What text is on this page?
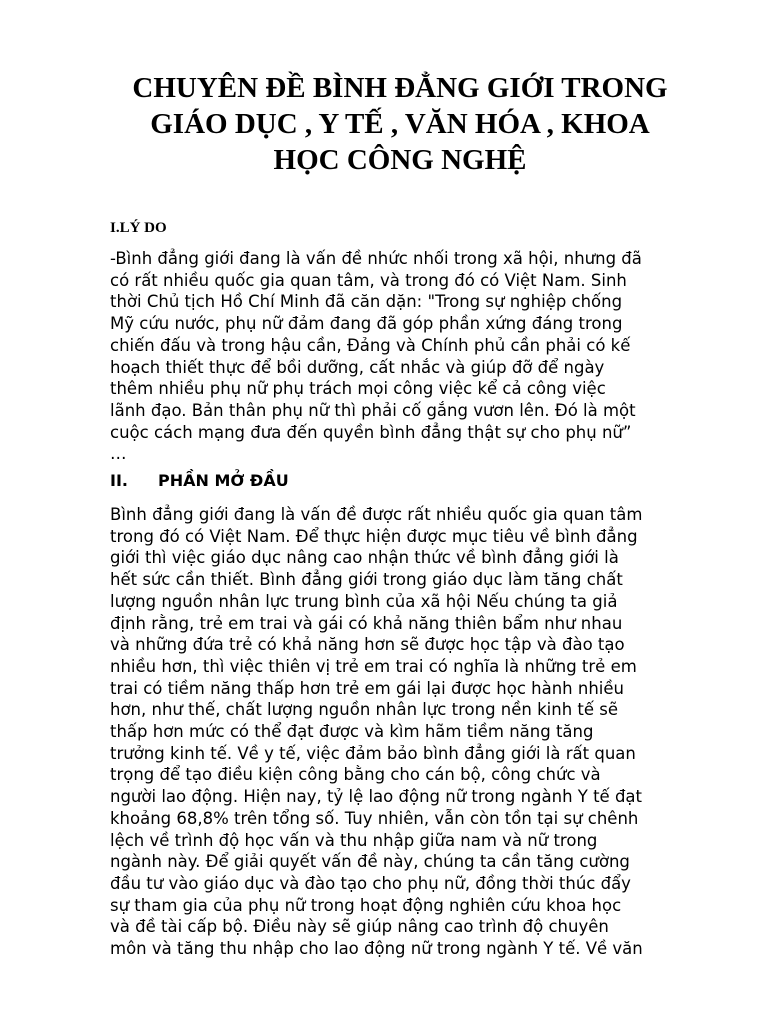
CHUYÊN ĐỀ BÌNH ĐẲNG GIỚI TRONG
GIÁO DỤC , Y TẾ , VĂN HÓA , KHOA
HỌC CÔNG NGHỆ
I.LÝ DO
-Bình đẳng giới đang là vấn đề nhức nhối trong xã hội, nhưng đã
có rất nhiều quốc gia quan tâm, và trong đó có Việt Nam. Sinh
thời Chủ tịch Hồ Chí Minh đã căn dặn: "Trong sự nghiệp chống
Mỹ cứu nước, phụ nữ đảm đang đã góp phần xứng đáng trong
chiến đấu và trong hậu cần, Đảng và Chính phủ cần phải có kế
hoạch thiết thực để bồi dưỡng, cất nhắc và giúp đỡ để ngày
thêm nhiều phụ nữ phụ trách mọi công việc kể cả công việc
lãnh đạo. Bản thân phụ nữ thì phải cố gắng vươn lên. Đó là một
cuộc cách mạng đưa đến quyền bình đẳng thật sự cho phụ nữ”
…
II. PHẦN MỞ ĐẦU
Bình đẳng giới đang là vấn đề được rất nhiều quốc gia quan tâm
trong đó có Việt Nam. Để thực hiện được mục tiêu về bình đẳng
giới thì việc giáo dục nâng cao nhận thức về bình đẳng giới là
hết sức cần thiết. Bình đẳng giới trong giáo dục làm tăng chất
lượng nguồn nhân lực trung bình của xã hội Nếu chúng ta giả
định rằng, trẻ em trai và gái có khả năng thiên bẩm như nhau
và những đứa trẻ có khả năng hơn sẽ được học tập và đào tạo
nhiều hơn, thì việc thiên vị trẻ em trai có nghĩa là những trẻ em
trai có tiềm năng thấp hơn trẻ em gái lại được học hành nhiều
hơn, như thế, chất lượng nguồn nhân lực trong nền kinh tế sẽ
thấp hơn mức có thể đạt được và kìm hãm tiềm năng tăng
trưởng kinh tế. Về y tế, việc đảm bảo bình đẳng giới là rất quan
trọng để tạo điều kiện công bằng cho cán bộ, công chức và
người lao động. Hiện nay, tỷ lệ lao động nữ trong ngành Y tế đạt
khoảng 68,8% trên tổng số. Tuy nhiên, vẫn còn tồn tại sự chênh
lệch về trình độ học vấn và thu nhập giữa nam và nữ trong
ngành này. Để giải quyết vấn đề này, chúng ta cần tăng cường
đầu tư vào giáo dục và đào tạo cho phụ nữ, đồng thời thúc đẩy
sự tham gia của phụ nữ trong hoạt động nghiên cứu khoa học
và đề tài cấp bộ. Điều này sẽ giúp nâng cao trình độ chuyên
môn và tăng thu nhập cho lao động nữ trong ngành Y tế. Về văn
